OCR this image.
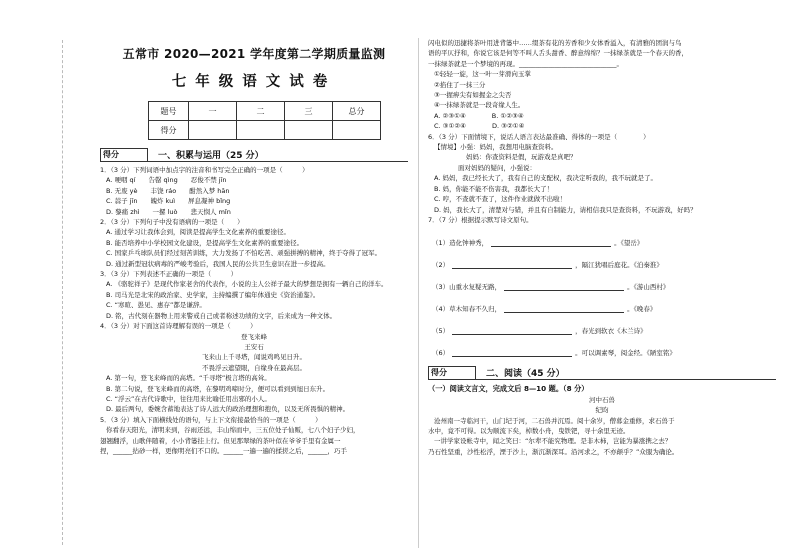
五常市 2020—2021 学年度第二学期质量监测
七年级语文试卷
题号	一	二	三	总分
得分				
得分	一、积累与运用（25 分）
1．（3 分）下列词语中加点字的注音和书写完全正确的一项是（　　　）
A. 哽咽 qí　　告罄 qìng　　忍俊不禁 jīn
B. 无废 yè　　丰饶 ráo　　酣然入梦 hān
C. 蒜子 jīn　　魄炸 kuì　　屏息凝神 bǐng
D. 黎痛 zhì　　一摞 luò　　悲天悯人 mǐn
2．（3 分）下列句子中没有语病的一项是（　　）
A. 通过学习让我体会到，阅读是提高学生文化素养的重要途径。
B. 能否培养中小学校园文化建设，是提高学生文化素养的重要途径。
C. 国家乒乓球队员们经过刻苦训练，大力发扬了不怕吃苦、顽强拼搏的精神，终于夺得了冠军。
D. 通过新型冠状病毒的严峻考验后，我国人民的公共卫生意识在进一步提高。
3．（3 分）下列表述不正确的一项是（　　　）
A. 《骆驼祥子》是现代作家老舍的代表作，小说的主人公祥子最大的梦想是拥有一辆自己的洋车。
B. 司马光是北宋的政治家、史学家，主持编撰了编年体通史《资治通鉴》。
C. “寒暄、愚见、惠存”都是谦辞。
D. 铭，古代刻在器物上用来警戒自己或者称述功绩的文字，后来成为一种文体。
4．（3 分）对下面这首诗理解有误的一项是（　　　）
登飞来峰
王安石
飞来山上千寻塔，闻说鸡鸣见日升。
不畏浮云遮望眼，自缘身在最高层。
A. 第一句，登飞来峰而的高塔。“千寻塔”极言塔的高耸。
B. 第二句说，登飞来峰而的高塔，在黎明鸡啼时分，便可以看到到旭日东升。
C. “浮云”在古代诗歌中，往往用来比喻任用出邪的小人。
D. 最后两句，委婉含蓄地表达了诗人远大的政治理想和抱负，以及无所畏惧的精神。
5．（3 分）填入下面横线处的语句，与上下文衔接最恰当的一项是（　　　）
你看春天阳光，清明来到，谷雨还远，丰山绵而中，三五位处子仙贩，七八个妇子少妇，
翅翘翻浮，山歌伴随着，小小背篓挂上行。但见那翠绿的茶叶似在爷爷手里有金属一
捏，______拈砂一样，更像明亮们不口的。______一遍一遍的揉搓之后，______，巧手
闪电似的迅捷将茶叶用进背篓中……缀茶有花的芳香和少女体香溢入，有清雅的团润与鸟
语的平仄抒和，你说它该是何等不叫人舌头甜香、醉意绵绵？一抹绿茶就是一个春天的香，
一抹绿茶就是一个梦境的再现。______________________________。
①轻轻一旋，这一叶一芽滑向玉掌
②掐住了一抹三分
③一握痹尖有如握金之尖否
④一抹绿茶就是一段奇缘人生。
A. ②③①④　　　　B. ①②③④
C. ③①②④　　　　D. ③②①④
6．（3 分）下面情境下，说话人语言表达最准确、得体的一项是（　　　　）
【情境】小强：妈妈，我想用电脑查资料。
妈妈：你查资料是假，玩游戏是真吧？
面对妈妈的疑问，小强说：
A. 妈妈，我已经长大了，我有自己的支配权，我决定听我的，我不玩就是了。
B. 妈，你能不能不伤害我，我都长大了！
C. 哼，不查就不查了，这件作业就做不出啦！
D. 妈，我长大了，清楚对与错，并且有自制能力，请相信我只是查资料，不玩游戏，好吗？
7．（7 分）根据提示默写诗文原句。
（1） 造化钟神秀，	。《望岳》
（2）	，隔江犹唱后庭花。《泊秦淮》
（3） 山重水复疑无路，	。《游山西村》
（4） 草木知春不久归，	。《晚春》
（5）	，春光到软衣《木兰诗》
（6）	。可以调素琴，阅金经。《陋室铭》
得分	二、阅读（45 分）
（一）阅读文言文，完成文后 8—10 题。（8 分）
河中石兽
纪昀
沧州南一寺临河干，山门圮于河，二石兽并沉焉。阅十余岁，僧募金重修，求石兽于
水中，竟不可得。以为顺流下矣，棹数小舟，曳铁钯，寻十余里无迹。
一讲学家设帐寺中，闻之笑曰：“尔辈不能究物理。是非木柿，岂能为暴涨携之去？
乃石性坚重，沙性松浮，湮于沙上，渐沉渐深耳。沿河求之，不亦颠乎？”众服为确论。
